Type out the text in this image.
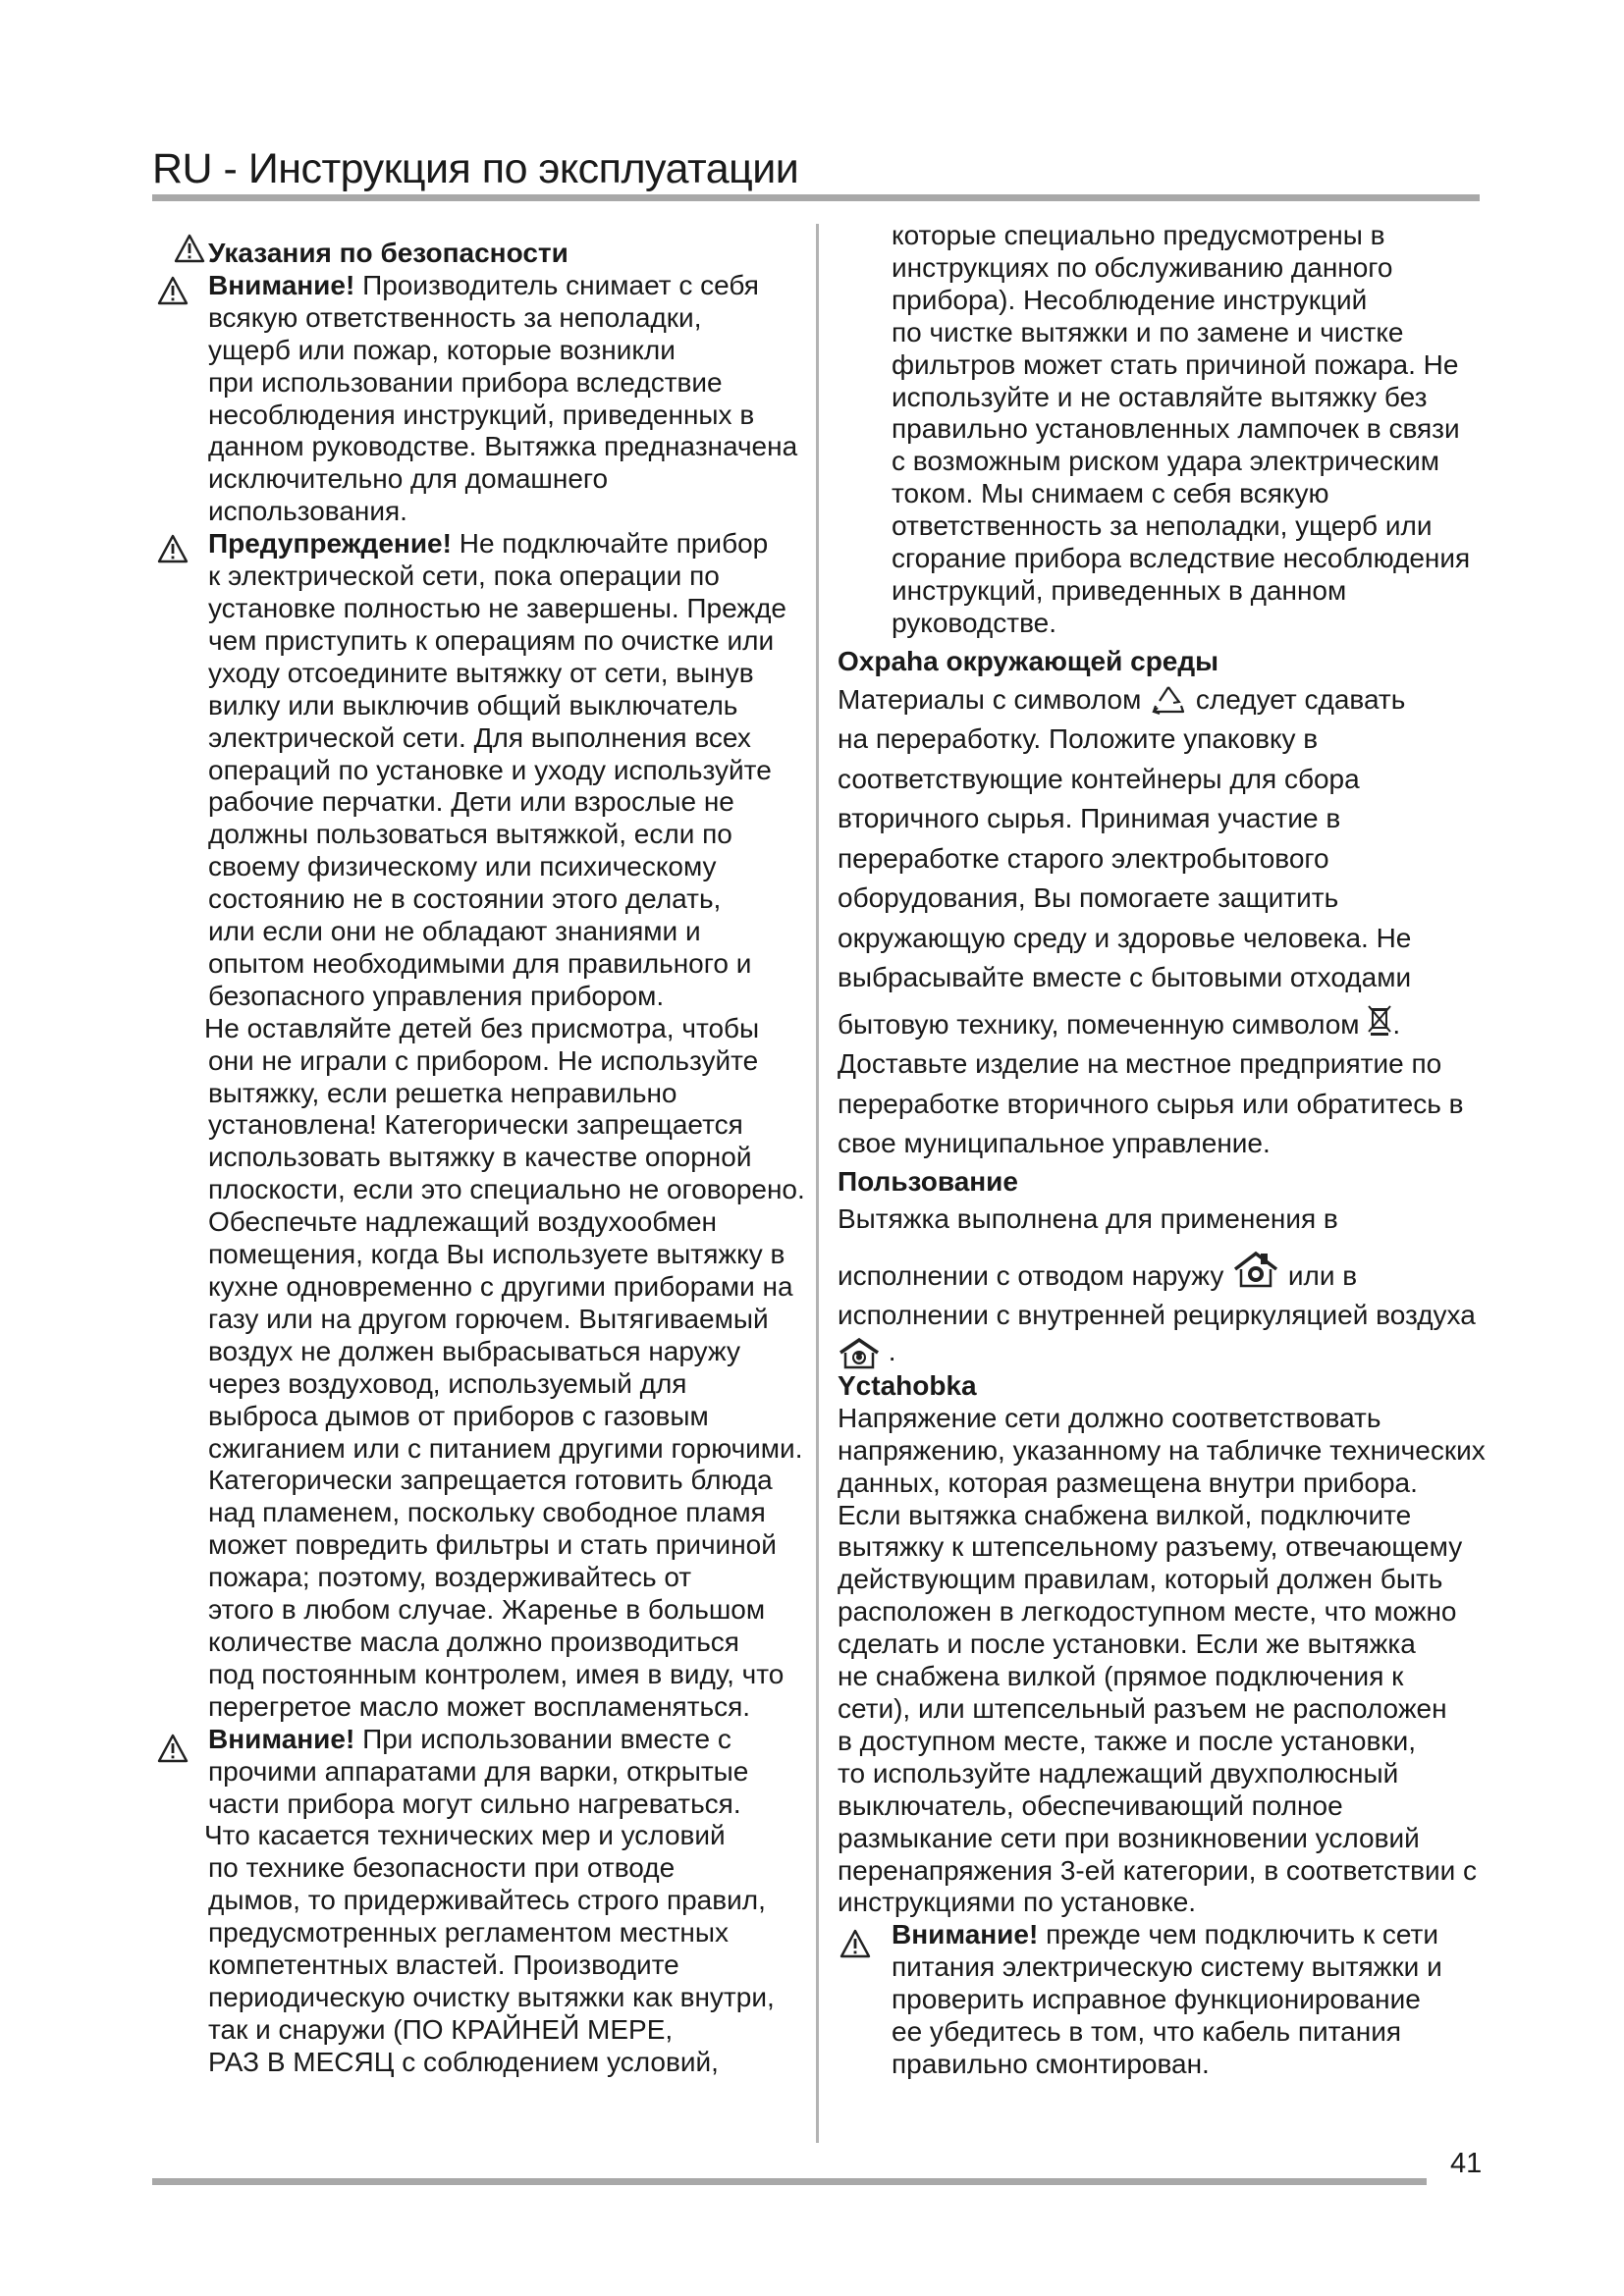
RU - Инструкция по эксплуатации
Указания по безопасности
Внимание! Производитель снимает с себя
всякую ответственность за неполадки,
ущерб или пожар, которые возникли
при использовании прибора вследствие
несоблюдения инструкций, приведенных в
данном руководстве. Вытяжка предназначена
исключительно для домашнего
использования.
Предупреждение! Не подключайте прибор
к электрической сети, пока операции по
установке полностью не завершены. Прежде
чем приступить к операциям по очистке или
уходу отсоедините вытяжку от сети, вынув
вилку или выключив общий выключатель
электрической сети. Для выполнения всех
операций по установке и уходу используйте
рабочие перчатки. Дети или взрослые не
должны пользоваться вытяжкой, если по
своему физическому или психическому
состоянию не в состоянии этого делать,
или если они не обладают знаниями и
опытом необходимыми для правильного и
безопасного управления прибором.
Не оставляйте детей без присмотра, чтобы
они не играли с прибором. Не используйте
вытяжку, если решетка неправильно
установлена! Категорически запрещается
использовать вытяжку в качестве опорной
плоскости, если это специально не оговорено.
Обеспечьте надлежащий воздухообмен
помещения, когда Вы используете вытяжку в
кухне одновременно с другими приборами на
газу или на другом горючем. Вытягиваемый
воздух не должен выбрасываться наружу
через воздуховод, используемый для
выброса дымов от приборов с газовым
сжиганием или с питанием другими горючими.
Категорически запрещается готовить блюда
над пламенем, поскольку свободное пламя
может повредить фильтры и стать причиной
пожара; поэтому, воздерживайтесь от
этого в любом случае. Жаренье в большом
количестве масла должно производиться
под постоянным контролем, имея в виду, что
перегретое масло может воспламеняться.
Внимание! При использовании вместе с
прочими аппаратами для варки, открытые
части прибора могут сильно нагреваться.
Что касается технических мер и условий
по технике безопасности при отводе
дымов, то придерживайтесь строго правил,
предусмотренных регламентом местных
компетентных властей. Производите
периодическую очистку вытяжки как внутри,
так и снаружи (ПО КРАЙНЕЙ МЕРЕ,
РАЗ В МЕСЯЦ с соблюдением условий,
которые специально предусмотрены в
инструкциях по обслуживанию данного
прибора). Несоблюдение инструкций
по чистке вытяжки и по замене и чистке
фильтров может стать причиной пожара. Не
используйте и не оставляйте вытяжку без
правильно установленных лампочек в связи
с возможным риском удара электрическим
током. Мы снимаем с себя всякую
ответственность за неполадки, ущерб или
сгорание прибора вследствие несоблюдения
инструкций, приведенных в данном
руководстве.
Охраhа окружающей среды
Материалы с символом  следует сдавать
на переработку. Положите упаковку в
соответствующие контейнеры для сбора
вторичного сырья. Принимая участие в
переработке старого электробытового
оборудования, Вы помогаете защитить
окружающую среду и здоровье человека. Не
выбрасывайте вместе с бытовыми отходами
бытовую технику, помеченную символом .
Доставьте изделие на местное предприятие по
переработке вторичного сырья или обратитесь в
свое муниципальное управление.
Пользование
Вытяжка выполнена для применения в
исполнении с отводом наружу  или в
исполнении с внутренней рециркуляцией воздуха
.
Yctahobka
Напряжение сети должно соответствовать
напряжению, указанному на табличке технических
данных, которая размещена внутри прибора.
Если вытяжка снабжена вилкой, подключите
вытяжку к штепсельному разъему, отвечающему
действующим правилам, который должен быть
расположен в легкодоступном месте, что можно
сделать и после установки. Если же вытяжка
не снабжена вилкой (прямое подключения к
сети), или штепсельный разъем не расположен
в доступном месте, также и после установки,
то используйте надлежащий двухполюсный
выключатель, обеспечивающий полное
размыкание сети при возникновении условий
перенапряжения 3-ей категории, в соответствии с
инструкциями по установке.
Внимание! прежде чем подключить к сети
питания электрическую систему вытяжки и
проверить исправное функционирование
ее убедитесь в том, что кабель питания
правильно смонтирован.
41
